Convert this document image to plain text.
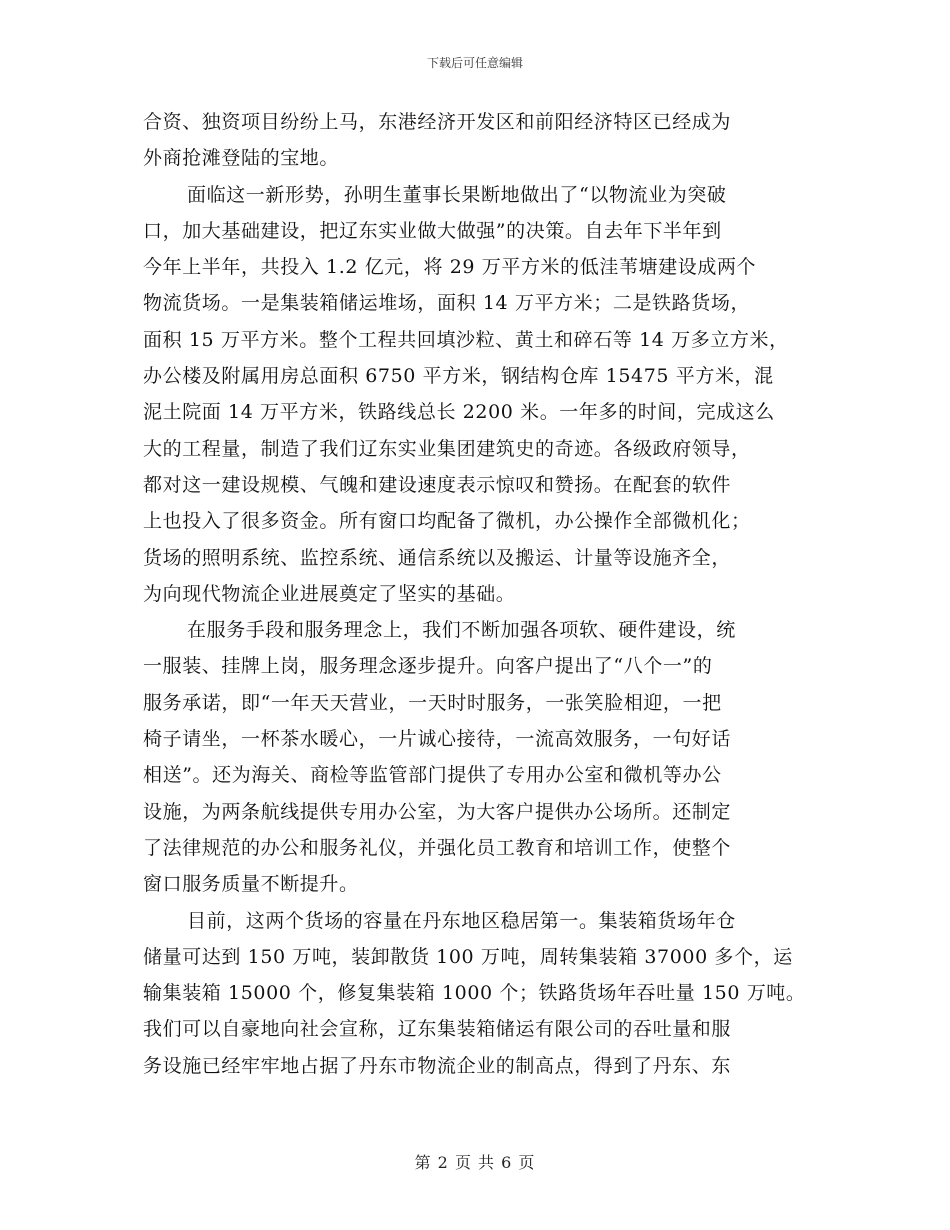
下载后可任意编辑
合资、独资项目纷纷上马，东港经济开发区和前阳经济特区已经成为
外商抢滩登陆的宝地。
面临这一新形势，孙明生董事长果断地做出了“以物流业为突破
口，加大基础建设，把辽东实业做大做强”的决策。自去年下半年到
今年上半年，共投入 1.2 亿元，将 29 万平方米的低洼苇塘建设成两个
物流货场。一是集装箱储运堆场，面积 14 万平方米；二是铁路货场，
面积 15 万平方米。整个工程共回填沙粒、黄土和碎石等 14 万多立方米，
办公楼及附属用房总面积 6750 平方米，钢结构仓库 15475 平方米，混
泥土院面 14 万平方米，铁路线总长 2200 米。一年多的时间，完成这么
大的工程量，制造了我们辽东实业集团建筑史的奇迹。各级政府领导，
都对这一建设规模、气魄和建设速度表示惊叹和赞扬。在配套的软件
上也投入了很多资金。所有窗口均配备了微机，办公操作全部微机化；
货场的照明系统、监控系统、通信系统以及搬运、计量等设施齐全，
为向现代物流企业进展奠定了坚实的基础。
在服务手段和服务理念上，我们不断加强各项软、硬件建设，统
一服装、挂牌上岗，服务理念逐步提升。向客户提出了“八个一”的
服务承诺，即“一年天天营业，一天时时服务，一张笑脸相迎，一把
椅子请坐，一杯茶水暖心，一片诚心接待，一流高效服务，一句好话
相送”。还为海关、商检等监管部门提供了专用办公室和微机等办公
设施，为两条航线提供专用办公室，为大客户提供办公场所。还制定
了法律规范的办公和服务礼仪，并强化员工教育和培训工作，使整个
窗口服务质量不断提升。
目前，这两个货场的容量在丹东地区稳居第一。集装箱货场年仓
储量可达到 150 万吨，装卸散货 100 万吨，周转集装箱 37000 多个，运
输集装箱 15000 个，修复集装箱 1000 个；铁路货场年吞吐量 150 万吨。
我们可以自豪地向社会宣称，辽东集装箱储运有限公司的吞吐量和服
务设施已经牢牢地占据了丹东市物流企业的制高点，得到了丹东、东
第 2 页 共 6 页
